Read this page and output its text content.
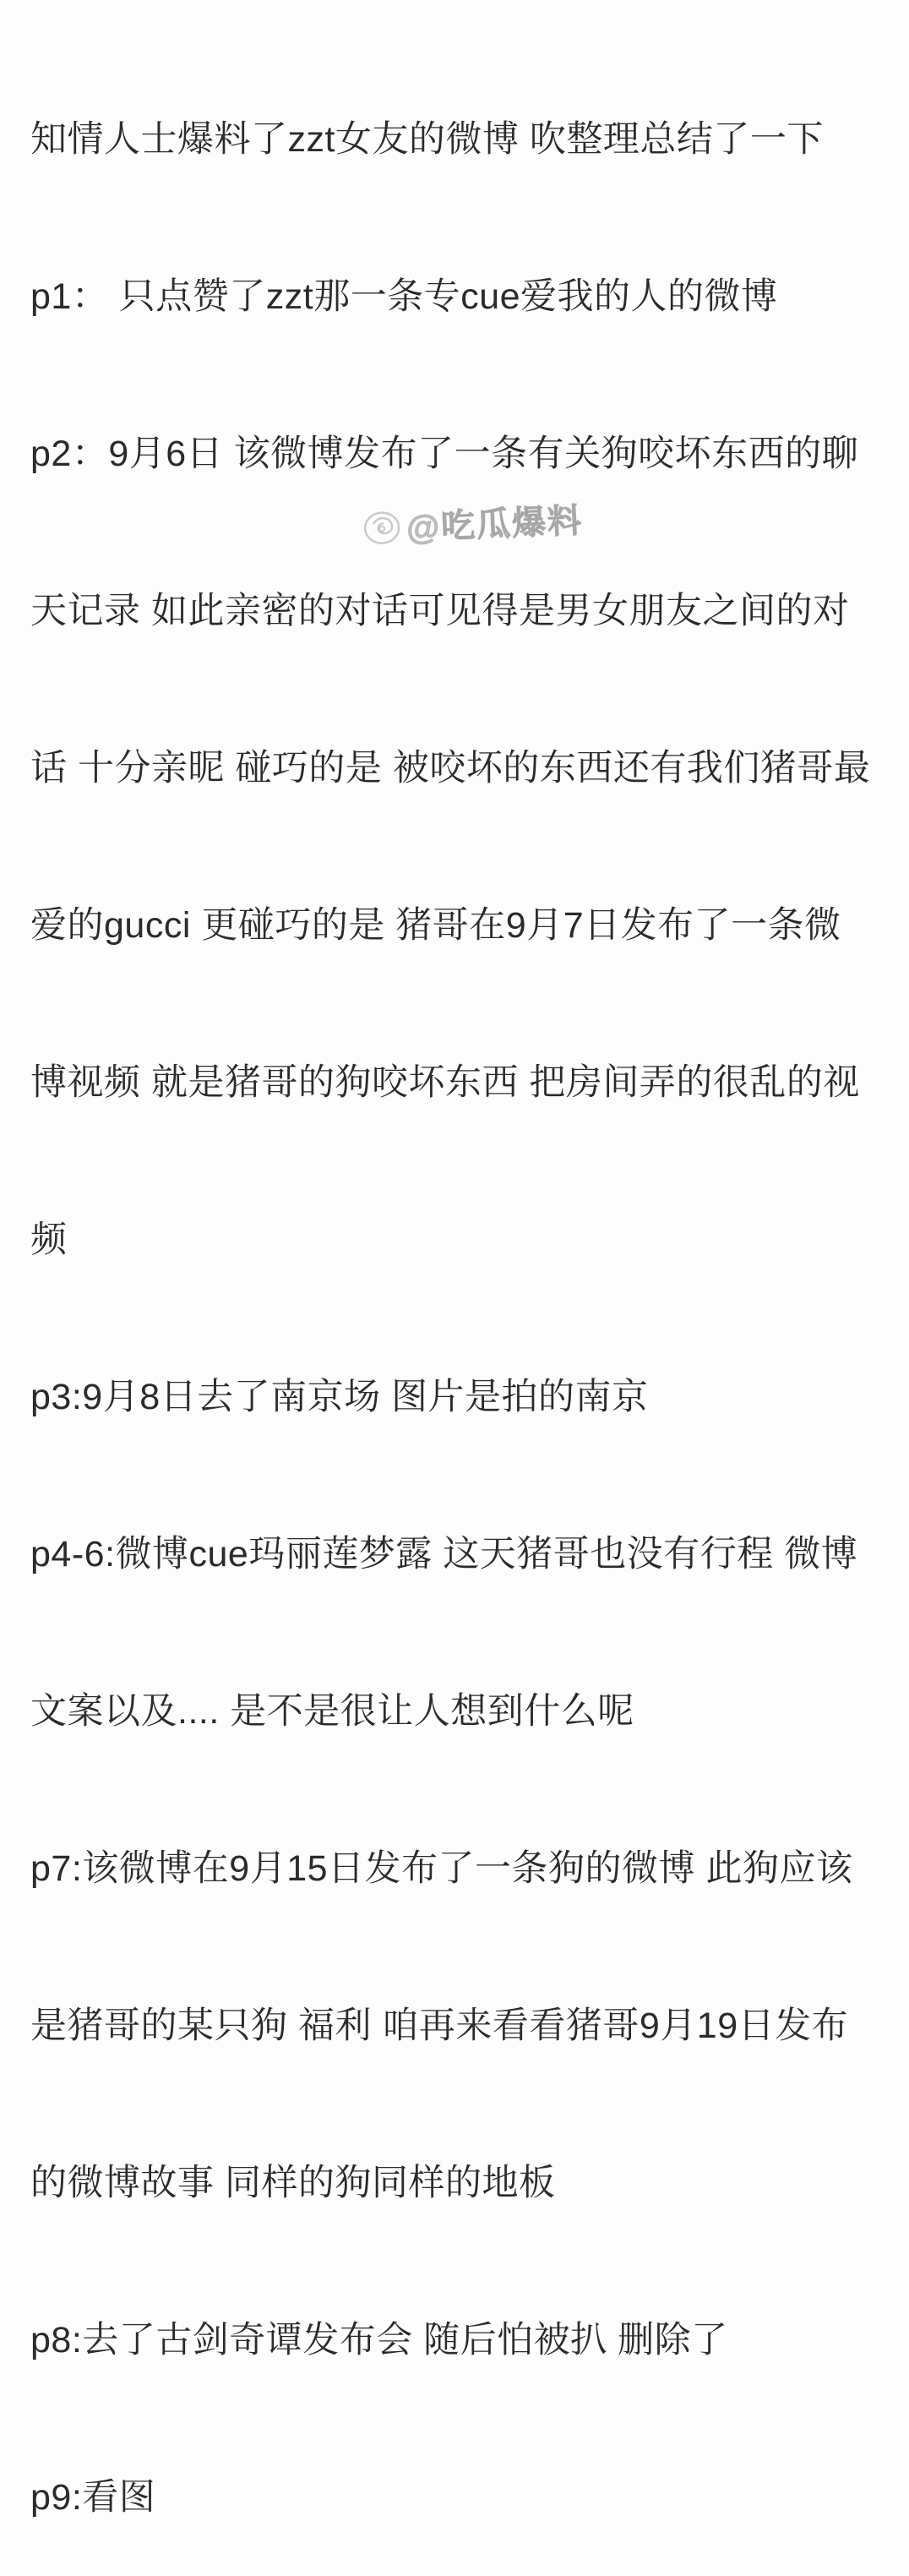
知情人士爆料了zzt女友的微博 吹整理总结了一下

p1： 只点赞了zzt那一条专cue爱我的人的微博

p2：9月6日 该微博发布了一条有关狗咬坏东西的聊

天记录 如此亲密的对话可见得是男女朋友之间的对

话 十分亲昵 碰巧的是 被咬坏的东西还有我们猪哥最

爱的gucci 更碰巧的是 猪哥在9月7日发布了一条微

博视频 就是猪哥的狗咬坏东西 把房间弄的很乱的视

频

p3:9月8日去了南京场 图片是拍的南京

p4-6:微博cue玛丽莲梦露 这天猪哥也没有行程 微博

文案以及.... 是不是很让人想到什么呢

p7:该微博在9月15日发布了一条狗的微博 此狗应该

是猪哥的某只狗 福利 咱再来看看猪哥9月19日发布

的微博故事 同样的狗同样的地板

p8:去了古剑奇谭发布会 随后怕被扒 删除了

p9:看图

@吃瓜爆料
